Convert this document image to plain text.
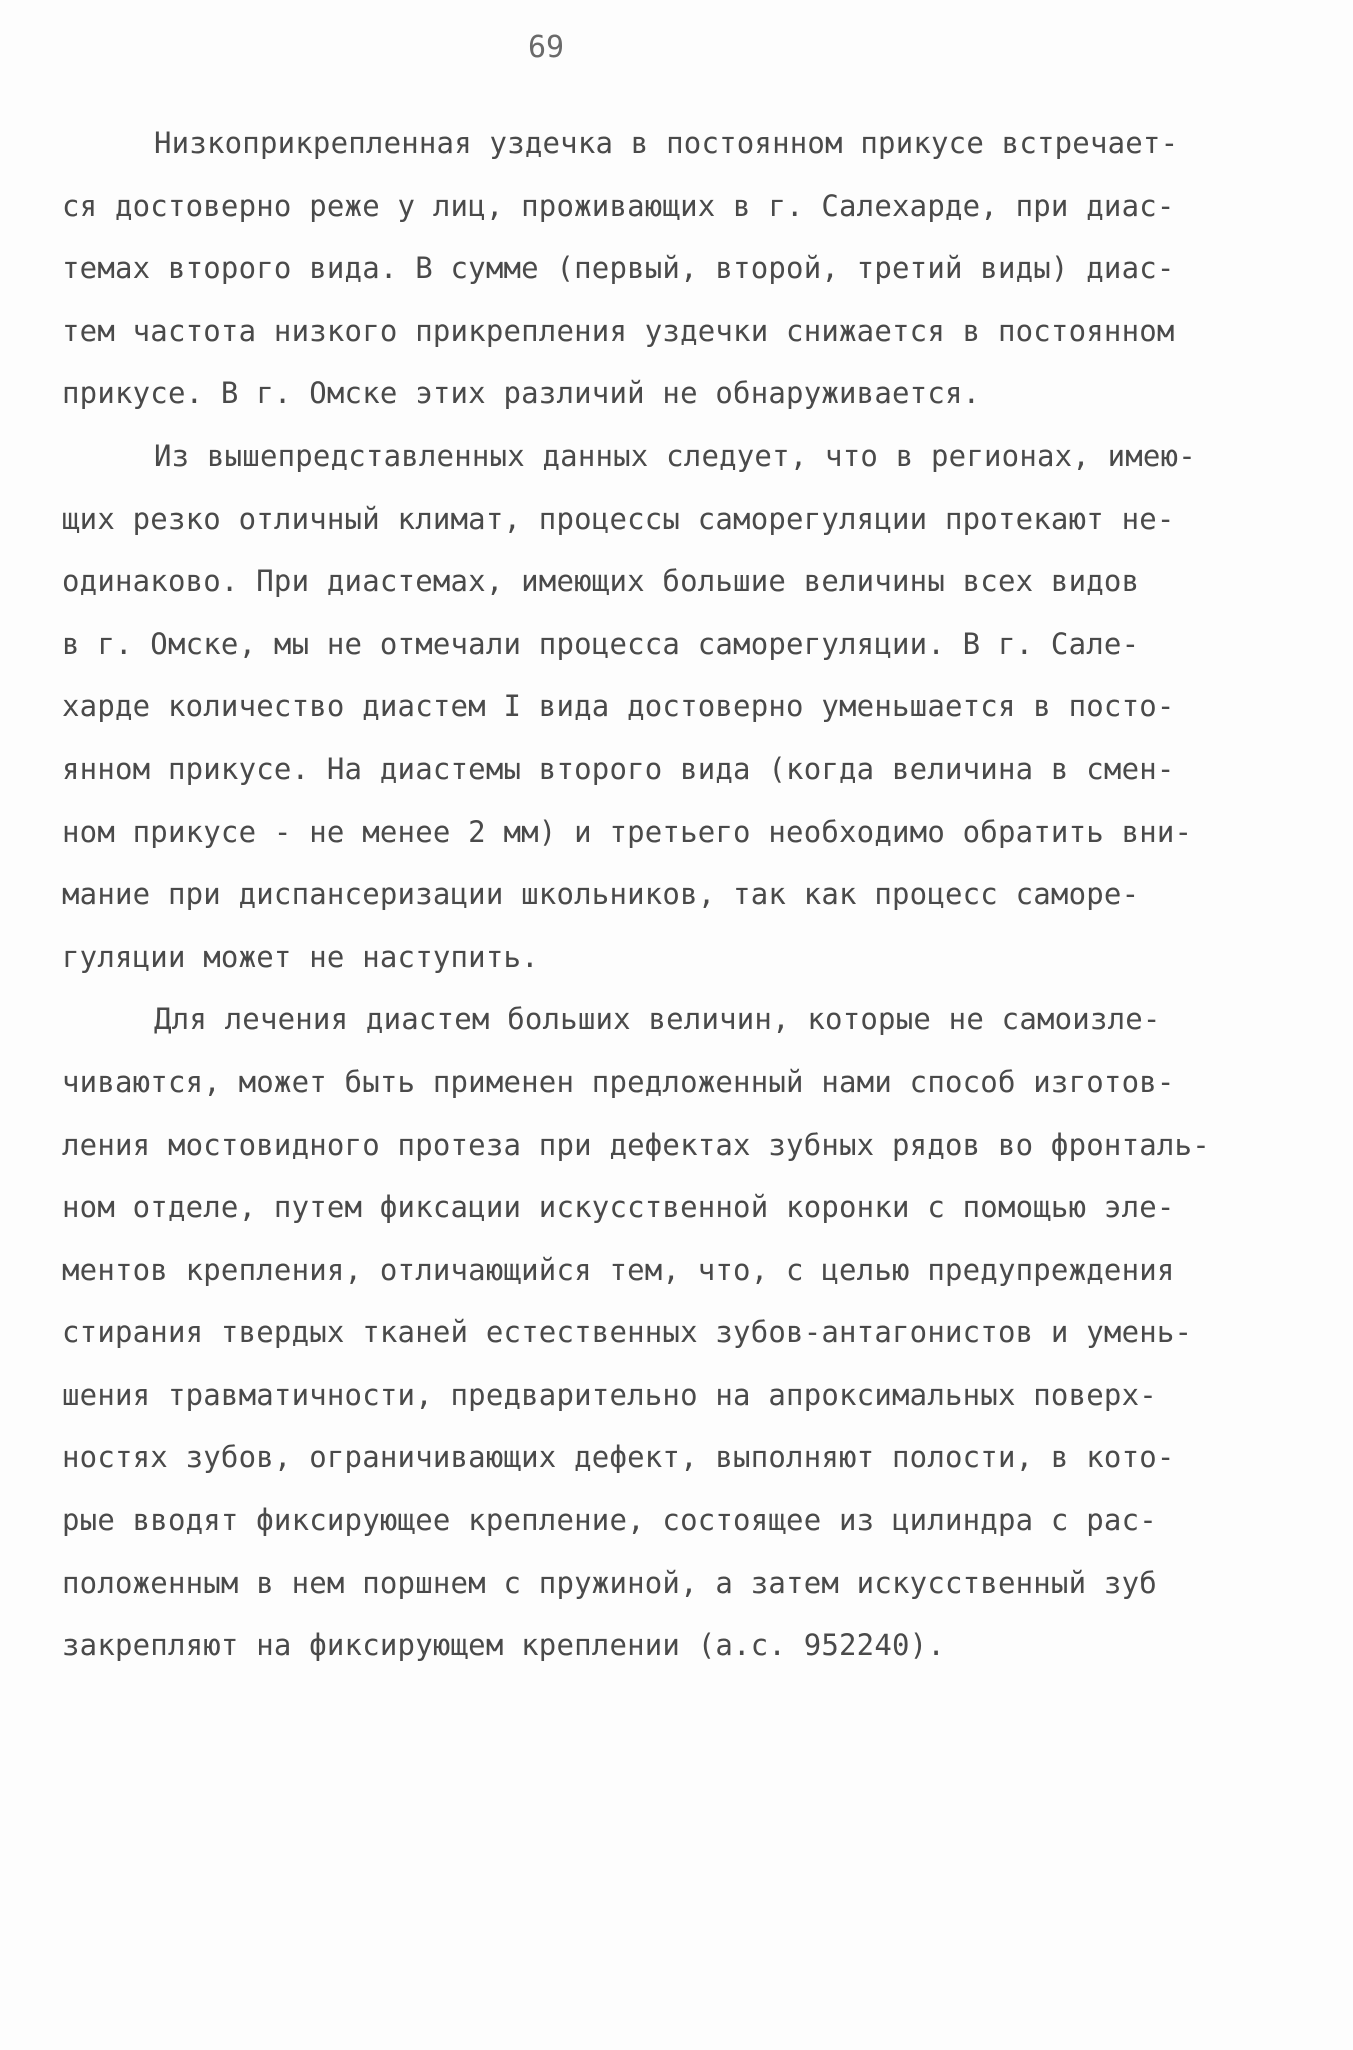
69
Низкоприкрепленная уздечка в постоянном прикусе встречает-
ся достоверно реже у лиц, проживающих в г. Салехарде, при диас-
темах второго вида. В сумме (первый, второй, третий виды) диас-
тем частота низкого прикрепления уздечки снижается в постоянном
прикусе. В г. Омске этих различий не обнаруживается.
Из вышепредставленных данных следует, что в регионах, имею-
щих резко отличный климат, процессы саморегуляции протекают не-
одинаково. При диастемах, имеющих большие величины всех видов
в г. Омске, мы не отмечали процесса саморегуляции. В г. Сале-
харде количество диастем I вида достоверно уменьшается в посто-
янном прикусе. На диастемы второго вида (когда величина в смен-
ном прикусе - не менее 2 мм) и третьего необходимо обратить вни-
мание при диспансеризации школьников, так как процесс саморе-
гуляции может не наступить.
Для лечения диастем больших величин, которые не самоизле-
чиваются, может быть применен предложенный нами способ изготов-
ления мостовидного протеза при дефектах зубных рядов во фронталь-
ном отделе, путем фиксации искусственной коронки с помощью эле-
ментов крепления, отличающийся тем, что, с целью предупреждения
стирания твердых тканей естественных зубов-антагонистов и умень-
шения травматичности, предварительно на апроксимальных поверх-
ностях зубов, ограничивающих дефект, выполняют полости, в кото-
рые вводят фиксирующее крепление, состоящее из цилиндра с рас-
положенным в нем поршнем с пружиной, а затем искусственный зуб
закрепляют на фиксирующем креплении (а.с. 952240).
